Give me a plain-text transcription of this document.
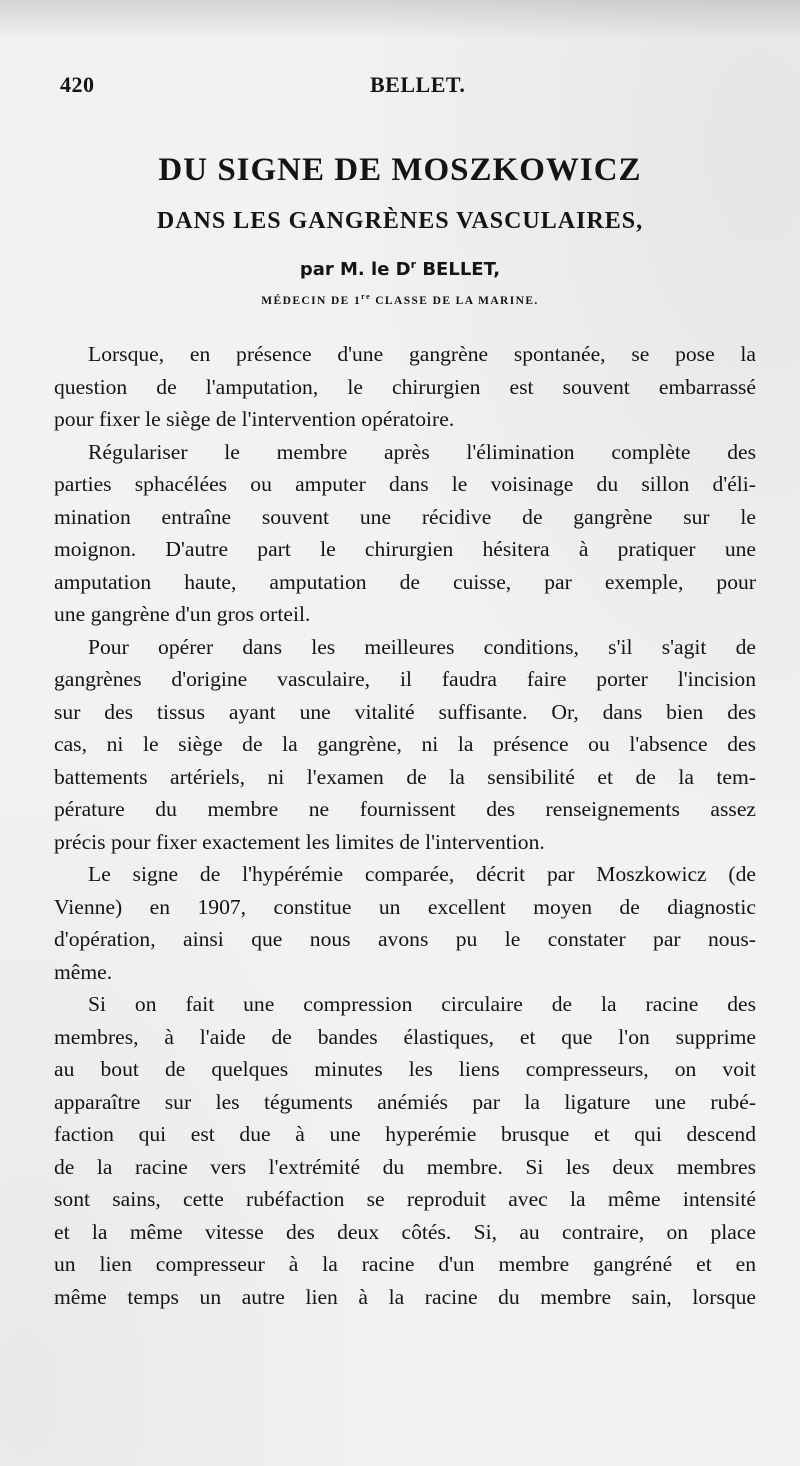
420	BELLET.
DU SIGNE DE MOSZKOWICZ
DANS LES GANGRÈNES VASCULAIRES,
par M. le $D^r$ BELLET,
MÉDECIN DE 1re CLASSE DE LA MARINE.
Lorsque, en présence d'une gangrène spontanée, se pose la
question de l'amputation, le chirurgien est souvent embarrassé
pour fixer le siège de l'intervention opératoire.
Régulariser le membre après l'élimination complète des
parties sphacélées ou amputer dans le voisinage du sillon d'éli-
mination entraîne souvent une récidive de gangrène sur le
moignon. D'autre part le chirurgien hésitera à pratiquer une
amputation haute, amputation de cuisse, par exemple, pour
une gangrène d'un gros orteil.
Pour opérer dans les meilleures conditions, s'il s'agit de
gangrènes d'origine vasculaire, il faudra faire porter l'incision
sur des tissus ayant une vitalité suffisante. Or, dans bien des
cas, ni le siège de la gangrène, ni la présence ou l'absence des
battements artériels, ni l'examen de la sensibilité et de la tem-
pérature du membre ne fournissent des renseignements assez
précis pour fixer exactement les limites de l'intervention.
Le signe de l'hypérémie comparée, décrit par Moszkowicz (de
Vienne) en 1907, constitue un excellent moyen de diagnostic
d'opération, ainsi que nous avons pu le constater par nous-
même.
Si on fait une compression circulaire de la racine des
membres, à l'aide de bandes élastiques, et que l'on supprime
au bout de quelques minutes les liens compresseurs, on voit
apparaître sur les téguments anémiés par la ligature une rubé-
faction qui est due à une hyperémie brusque et qui descend
de la racine vers l'extrémité du membre. Si les deux membres
sont sains, cette rubéfaction se reproduit avec la même intensité
et la même vitesse des deux côtés. Si, au contraire, on place
un lien compresseur à la racine d'un membre gangréné et en
même temps un autre lien à la racine du membre sain, lorsque
